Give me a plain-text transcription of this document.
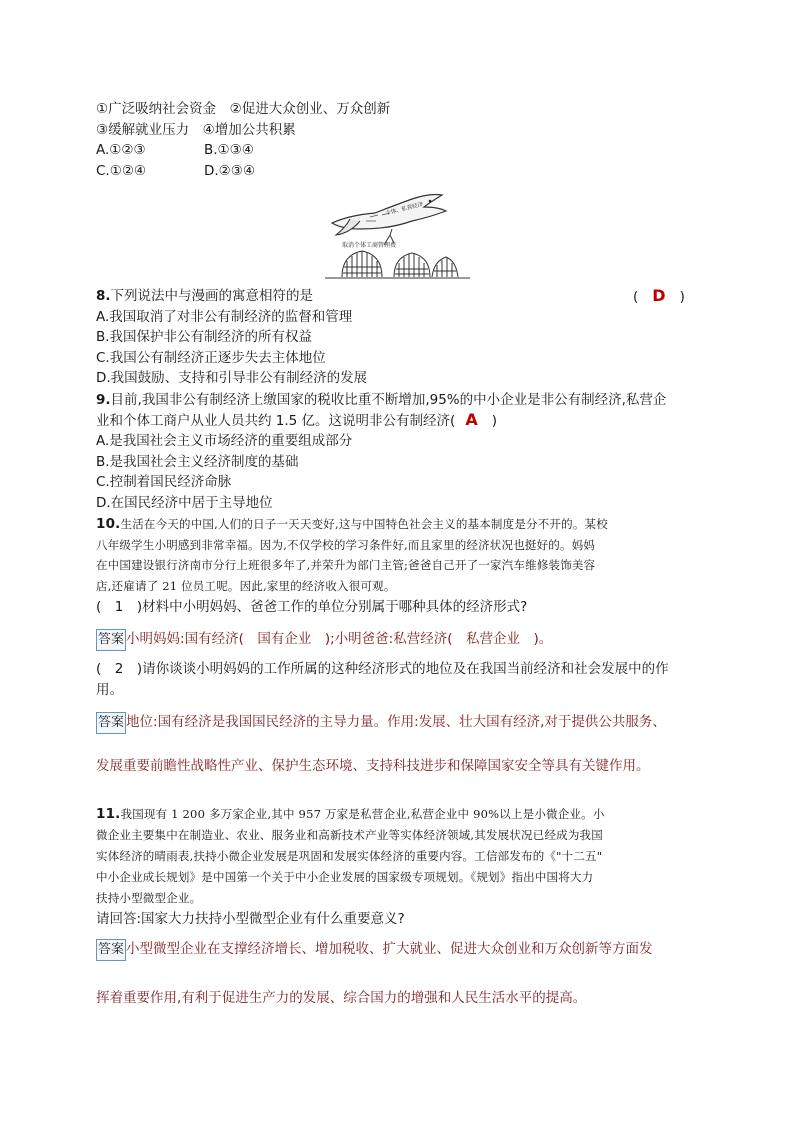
①广泛吸纳社会资金　②促进大众创业、万众创新
③缓解就业压力　④增加公共积累
A.①②③	B.①③④
C.①②④	D.②③④
个体、私营经济
取消个体工商管理费
8.下列说法中与漫画的寓意相符的是	( D )
A.我国取消了对非公有制经济的监督和管理
B.我国保护非公有制经济的所有权益
C.我国公有制经济正逐步失去主体地位
D.我国鼓励、支持和引导非公有制经济的发展
9.目前,我国非公有制经济上缴国家的税收比重不断增加,95%的中小企业是非公有制经济,私营企
业和个体工商户从业人员共约 1.5 亿。这说明非公有制经济( A )
A.是我国社会主义市场经济的重要组成部分
B.是我国社会主义经济制度的基础
C.控制着国民经济命脉
D.在国民经济中居于主导地位
10.生活在今天的中国,人们的日子一天天变好,这与中国特色社会主义的基本制度是分不开的。某校
八年级学生小明感到非常幸福。因为,不仅学校的学习条件好,而且家里的经济状况也挺好的。妈妈
在中国建设银行济南市分行上班很多年了,并荣升为部门主管;爸爸自己开了一家汽车维修装饰美容
店,还雇请了 21 位员工呢。因此,家里的经济收入很可观。
(　1　)材料中小明妈妈、爸爸工作的单位分别属于哪种具体的经济形式?
答案 小明妈妈:国有经济(　国有企业　);小明爸爸:私营经济(　私营企业　)。
(　2　)请你谈谈小明妈妈的工作所属的这种经济形式的地位及在我国当前经济和社会发展中的作
用。
答案 地位:国有经济是我国国民经济的主导力量。作用:发展、壮大国有经济,对于提供公共服务、
发展重要前瞻性战略性产业、保护生态环境、支持科技进步和保障国家安全等具有关键作用。
11.我国现有 1 200 多万家企业,其中 957 万家是私营企业,私营企业中 90%以上是小微企业。小
微企业主要集中在制造业、农业、服务业和高新技术产业等实体经济领域,其发展状况已经成为我国
实体经济的晴雨表,扶持小微企业发展是巩固和发展实体经济的重要内容。工信部发布的《"十二五"
中小企业成长规划》是中国第一个关于中小企业发展的国家级专项规划。《规划》指出中国将大力
扶持小型微型企业。
请回答:国家大力扶持小型微型企业有什么重要意义?
答案 小型微型企业在支撑经济增长、增加税收、扩大就业、促进大众创业和万众创新等方面发
挥着重要作用,有利于促进生产力的发展、综合国力的增强和人民生活水平的提高。
